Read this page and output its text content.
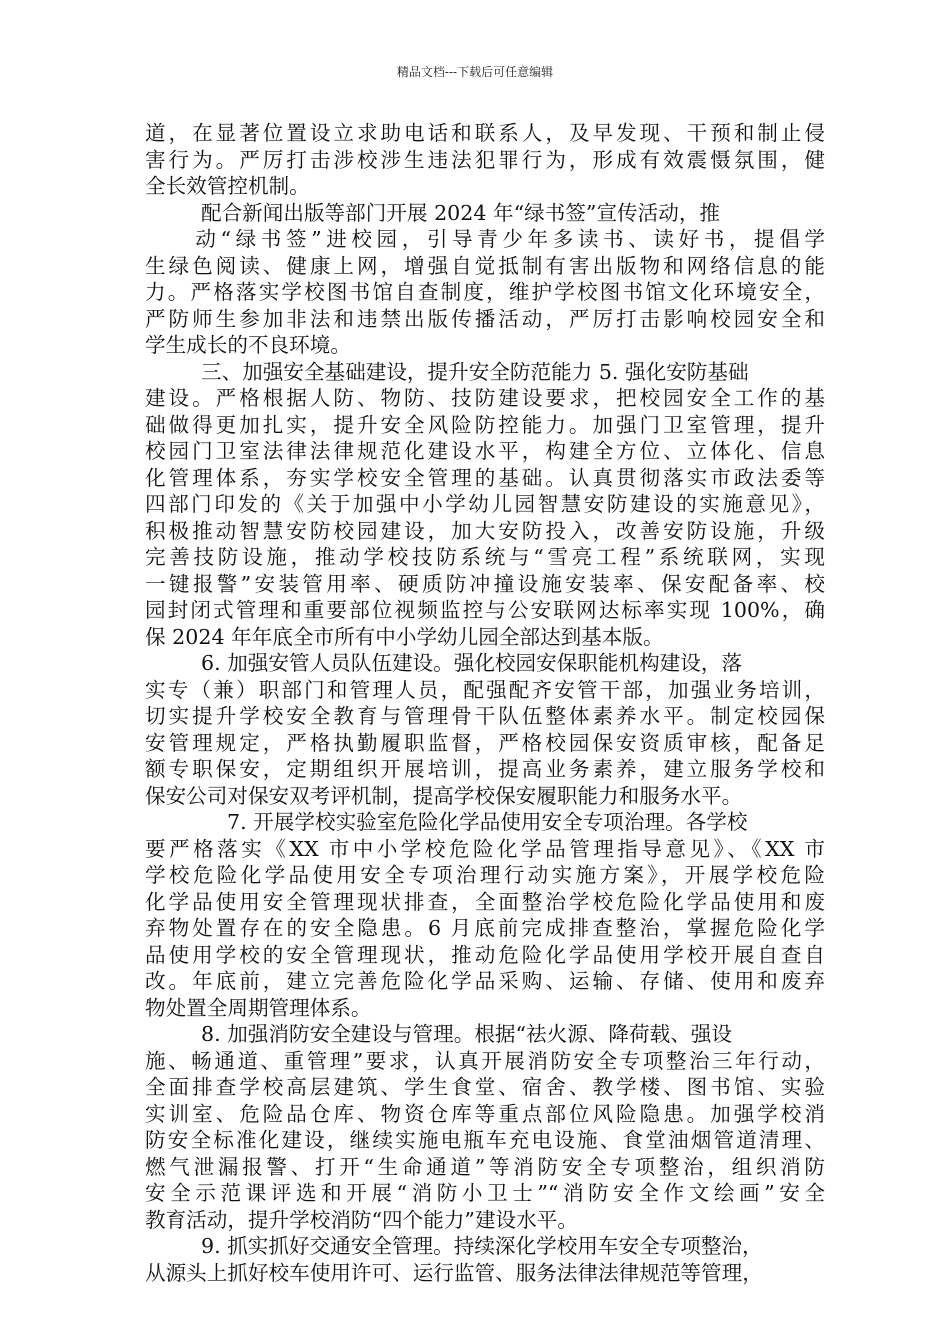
精品文档---下载后可任意编辑
道，在显著位置设立求助电话和联系人，及早发现、干预和制止侵
害行为。严厉打击涉校涉生违法犯罪行为，形成有效震慑氛围，健
全长效管控机制。
配合新闻出版等部门开展 2024 年“绿书签”宣传活动，推
　　动“绿书签”进校园，引导青少年多读书、读好书，提倡学
生绿色阅读、健康上网，增强自觉抵制有害出版物和网络信息的能
力。严格落实学校图书馆自查制度，维护学校图书馆文化环境安全，
严防师生参加非法和违禁出版传播活动，严厉打击影响校园安全和
学生成长的不良环境。
三、加强安全基础建设，提升安全防范能力 5. 强化安防基础
建设。严格根据人防、物防、技防建设要求，把校园安全工作的基
础做得更加扎实，提升安全风险防控能力。加强门卫室管理，提升
校园门卫室法律法律规范化建设水平，构建全方位、立体化、信息
化管理体系，夯实学校安全管理的基础。认真贯彻落实市政法委等
四部门印发的《关于加强中小学幼儿园智慧安防建设的实施意见》，
积极推动智慧安防校园建设，加大安防投入，改善安防设施，升级
完善技防设施，推动学校技防系统与“雪亮工程”系统联网，实现
一键报警”安装管用率、硬质防冲撞设施安装率、保安配备率、校
园封闭式管理和重要部位视频监控与公安联网达标率实现 100%，确
保 2024 年年底全市所有中小学幼儿园全部达到基本版。
6. 加强安管人员队伍建设。强化校园安保职能机构建设，落
实专（兼）职部门和管理人员，配强配齐安管干部，加强业务培训，
切实提升学校安全教育与管理骨干队伍整体素养水平。制定校园保
安管理规定，严格执勤履职监督，严格校园保安资质审核，配备足
额专职保安，定期组织开展培训，提高业务素养，建立服务学校和
保安公司对保安双考评机制，提高学校保安履职能力和服务水平。
7. 开展学校实验室危险化学品使用安全专项治理。各学校
要严格落实《XX 市中小学校危险化学品管理指导意见》、《XX 市
学校危险化学品使用安全专项治理行动实施方案》，开展学校危险
化学品使用安全管理现状排查，全面整治学校危险化学品使用和废
弃物处置存在的安全隐患。6 月底前完成排查整治，掌握危险化学
品使用学校的安全管理现状，推动危险化学品使用学校开展自查自
改。年底前，建立完善危险化学品采购、运输、存储、使用和废弃
物处置全周期管理体系。
8. 加强消防安全建设与管理。根据“祛火源、降荷载、强设
施、畅通道、重管理”要求，认真开展消防安全专项整治三年行动，
全面排查学校高层建筑、学生食堂、宿舍、教学楼、图书馆、实验
实训室、危险品仓库、物资仓库等重点部位风险隐患。加强学校消
防安全标准化建设，继续实施电瓶车充电设施、食堂油烟管道清理、
燃气泄漏报警、打开“生命通道”等消防安全专项整治，组织消防
安全示范课评选和开展“消防小卫士”“消防安全作文绘画”安全
教育活动，提升学校消防“四个能力”建设水平。
9. 抓实抓好交通安全管理。持续深化学校用车安全专项整治，
从源头上抓好校车使用许可、运行监管、服务法律法律规范等管理，
